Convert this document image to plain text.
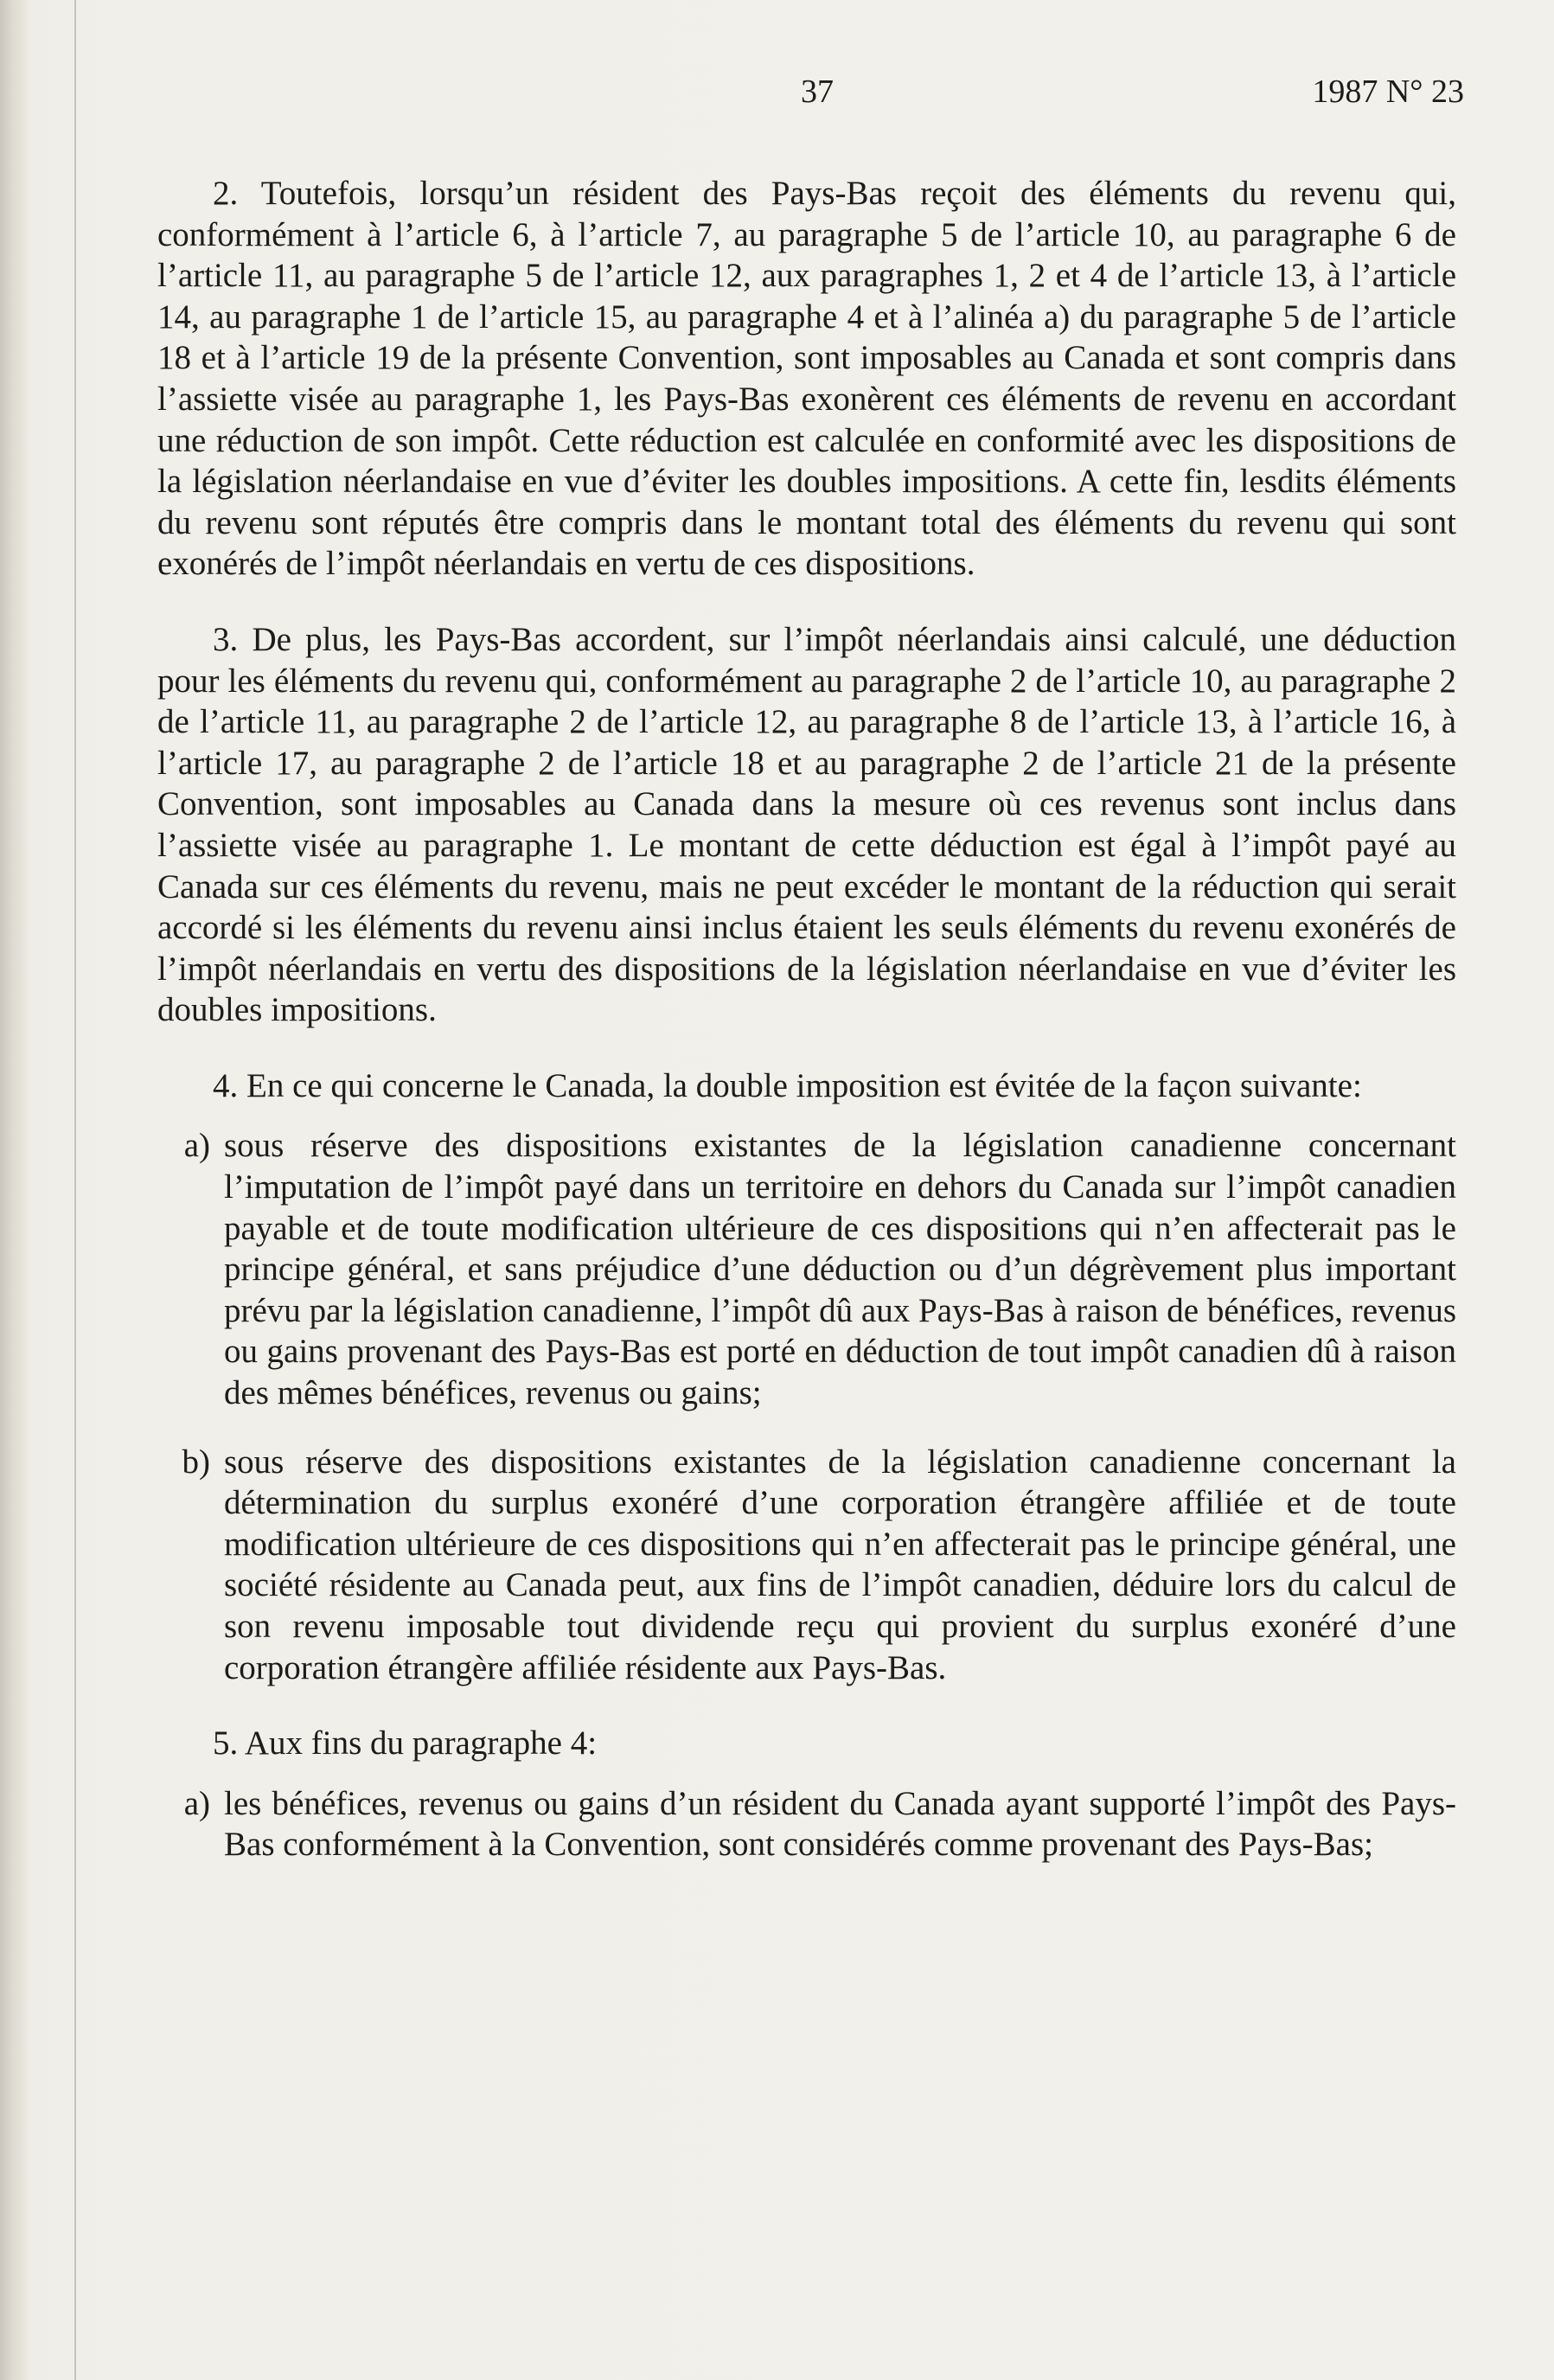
37	1987 N° 23

2. Toutefois, lorsqu’un résident des Pays-Bas reçoit des éléments du revenu qui, conformément à l’article 6, à l’article 7, au paragraphe 5 de l’article 10, au paragraphe 6 de l’article 11, au paragraphe 5 de l’article 12, aux paragraphes 1, 2 et 4 de l’article 13, à l’article 14, au paragraphe 1 de l’article 15, au paragraphe 4 et à l’alinéa a) du paragraphe 5 de l’article 18 et à l’article 19 de la présente Convention, sont imposables au Canada et sont compris dans l’assiette visée au paragraphe 1, les Pays-Bas exonèrent ces éléments de revenu en accordant une réduction de son impôt. Cette réduction est calculée en conformité avec les dispositions de la législation néerlandaise en vue d’éviter les doubles impositions. A cette fin, lesdits éléments du revenu sont réputés être compris dans le montant total des éléments du revenu qui sont exonérés de l’impôt néerlandais en vertu de ces dispositions.

3. De plus, les Pays-Bas accordent, sur l’impôt néerlandais ainsi calculé, une déduction pour les éléments du revenu qui, conformément au paragraphe 2 de l’article 10, au paragraphe 2 de l’article 11, au paragraphe 2 de l’article 12, au paragraphe 8 de l’article 13, à l’article 16, à l’article 17, au paragraphe 2 de l’article 18 et au paragraphe 2 de l’article 21 de la présente Convention, sont imposables au Canada dans la mesure où ces revenus sont inclus dans l’assiette visée au paragraphe 1. Le montant de cette déduction est égal à l’impôt payé au Canada sur ces éléments du revenu, mais ne peut excéder le montant de la réduction qui serait accordé si les éléments du revenu ainsi inclus étaient les seuls éléments du revenu exonérés de l’impôt néerlandais en vertu des dispositions de la législation néerlandaise en vue d’éviter les doubles impositions.

4. En ce qui concerne le Canada, la double imposition est évitée de la façon suivante:

a) sous réserve des dispositions existantes de la législation canadienne concernant l’imputation de l’impôt payé dans un territoire en dehors du Canada sur l’impôt canadien payable et de toute modification ultérieure de ces dispositions qui n’en affecterait pas le principe général, et sans préjudice d’une déduction ou d’un dégrèvement plus important prévu par la législation canadienne, l’impôt dû aux Pays-Bas à raison de bénéfices, revenus ou gains provenant des Pays-Bas est porté en déduction de tout impôt canadien dû à raison des mêmes bénéfices, revenus ou gains;
b) sous réserve des dispositions existantes de la législation canadienne concernant la détermination du surplus exonéré d’une corporation étrangère affiliée et de toute modification ultérieure de ces dispositions qui n’en affecterait pas le principe général, une société résidente au Canada peut, aux fins de l’impôt canadien, déduire lors du calcul de son revenu imposable tout dividende reçu qui provient du surplus exonéré d’une corporation étrangère affiliée résidente aux Pays-Bas.

5. Aux fins du paragraphe 4:

a) les bénéfices, revenus ou gains d’un résident du Canada ayant supporté l’impôt des Pays-Bas conformément à la Convention, sont considérés comme provenant des Pays-Bas;
